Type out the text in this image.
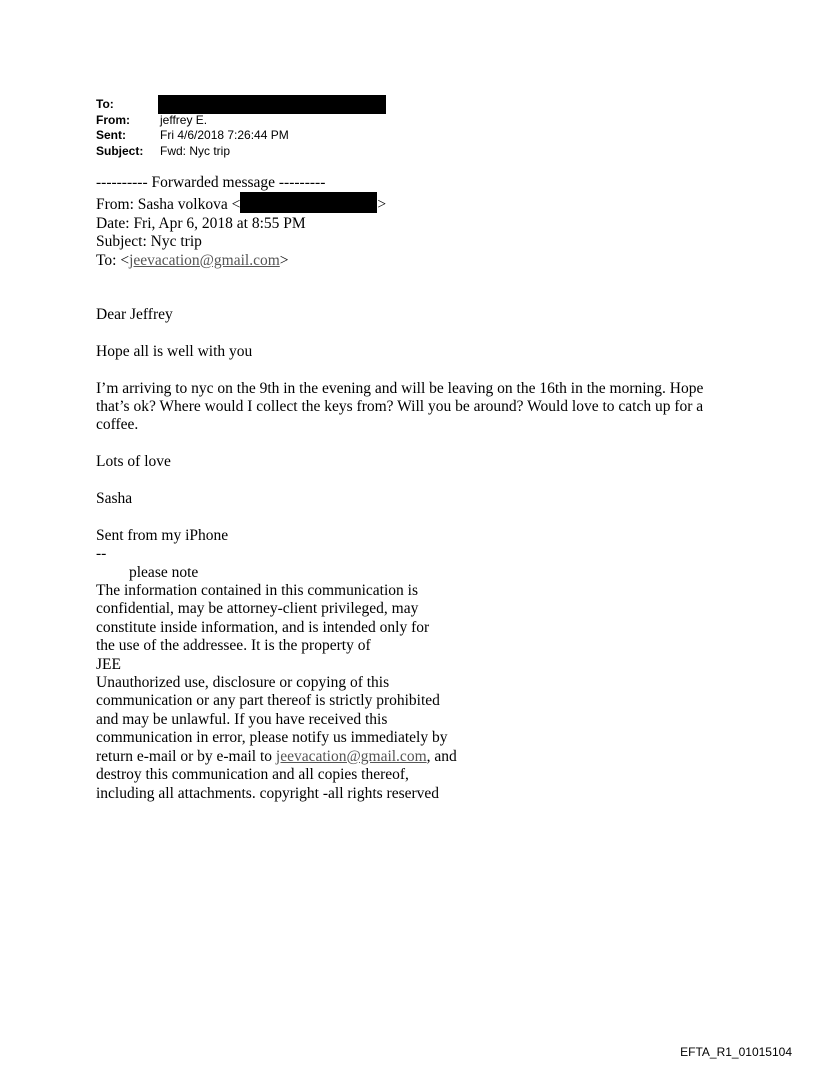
To:
From:	jeffrey E.
Sent:	Fri 4/6/2018 7:26:44 PM
Subject: Fwd: Nyc trip
---------- Forwarded message ---------
From: Sasha volkova <	>
Date: Fri, Apr 6, 2018 at 8:55 PM
Subject: Nyc trip
To: <jeevacation@gmail.com>

Dear Jeffrey

Hope all is well with you

I’m arriving to nyc on the 9th in the evening and will be leaving on the 16th in the morning. Hope that’s ok? Where would I collect the keys from? Will you be around? Would love to catch up for a coffee.

Lots of love

Sasha

Sent from my iPhone

--

please note

The information contained in this communication is

confidential, may be attorney-client privileged, may

constitute inside information, and is intended only for

the use of the addressee. It is the property of

JEE

Unauthorized use, disclosure or copying of this

communication or any part thereof is strictly prohibited

and may be unlawful. If you have received this

communication in error, please notify us immediately by

return e-mail or by e-mail to jeevacation@gmail.com, and

destroy this communication and all copies thereof,

including all attachments. copyright -all rights reserved

EFTA_R1_01015104
